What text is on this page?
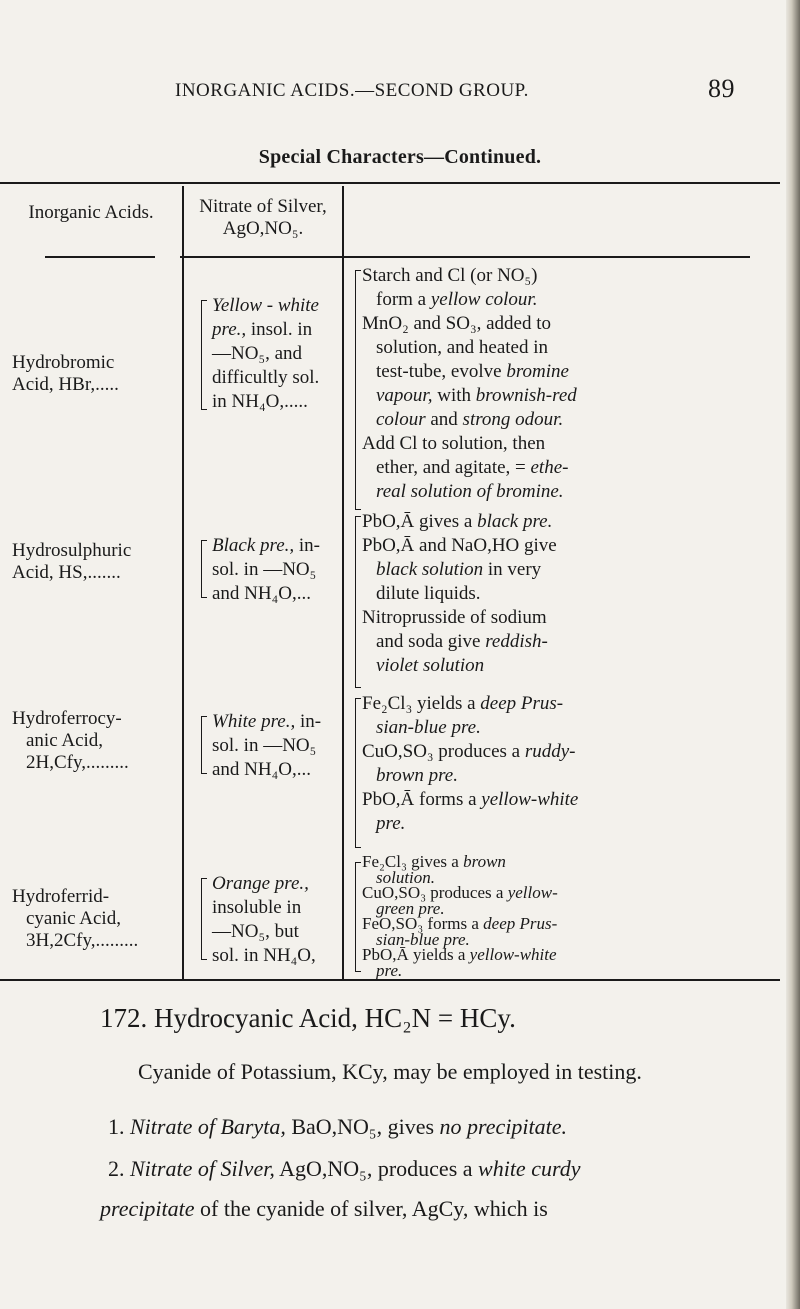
INORGANIC ACIDS.—SECOND GROUP.	89
Special Characters—Continued.
Inorganic Acids.	Nitrate of Silver,
AgO,NO₅.
Hydrobromic
Acid, HBr,.....

Yellow - white

pre., insol. in

—NO₅, and

difficultly sol.

in NH₄O,.....

Starch and Cl (or NO₅)

form a yellow colour.

MnO₂ and SO₃, added to

solution, and heated in

test-tube, evolve bromine

vapour, with brownish-red

colour and strong odour.

Add Cl to solution, then

ether, and agitate, = ethe-

real solution of bromine.

Hydrosulphuric
Acid, HS,.......

Black pre., in-

sol. in —NO₅

and NH₄O,...

PbO,Ā gives a black pre.

PbO,Ā and NaO,HO give

black solution in very

dilute liquids.

Nitroprusside of sodium

and soda give reddish-

violet solution

Hydroferrocy-
anic Acid,
2H,Cfy,.........

White pre., in-

sol. in —NO₅

and NH₄O,...

Fe₂Cl₃ yields a deep Prus-

sian-blue pre.

CuO,SO₃ produces a ruddy-

brown pre.

PbO,Ā forms a yellow-white

pre.

Hydroferrid-
cyanic Acid,
3H,2Cfy,.........

Orange pre.,

insoluble in

—NO₅, but

sol. in NH₄O,

Fe₂Cl₃ gives a brown

solution.

CuO,SO₃ produces a yellow-

green pre.

FeO,SO₃ forms a deep Prus-

sian-blue pre.

PbO,Ā yields a yellow-white

pre.

172. Hydrocyanic Acid, HC₂N = HCy.
Cyanide of Potassium, KCy, may be employed in testing.
1. Nitrate of Baryta, BaO,NO₅, gives no precipitate.
2. Nitrate of Silver, AgO,NO₅, produces a white curdy
precipitate of the cyanide of silver, AgCy, which is
